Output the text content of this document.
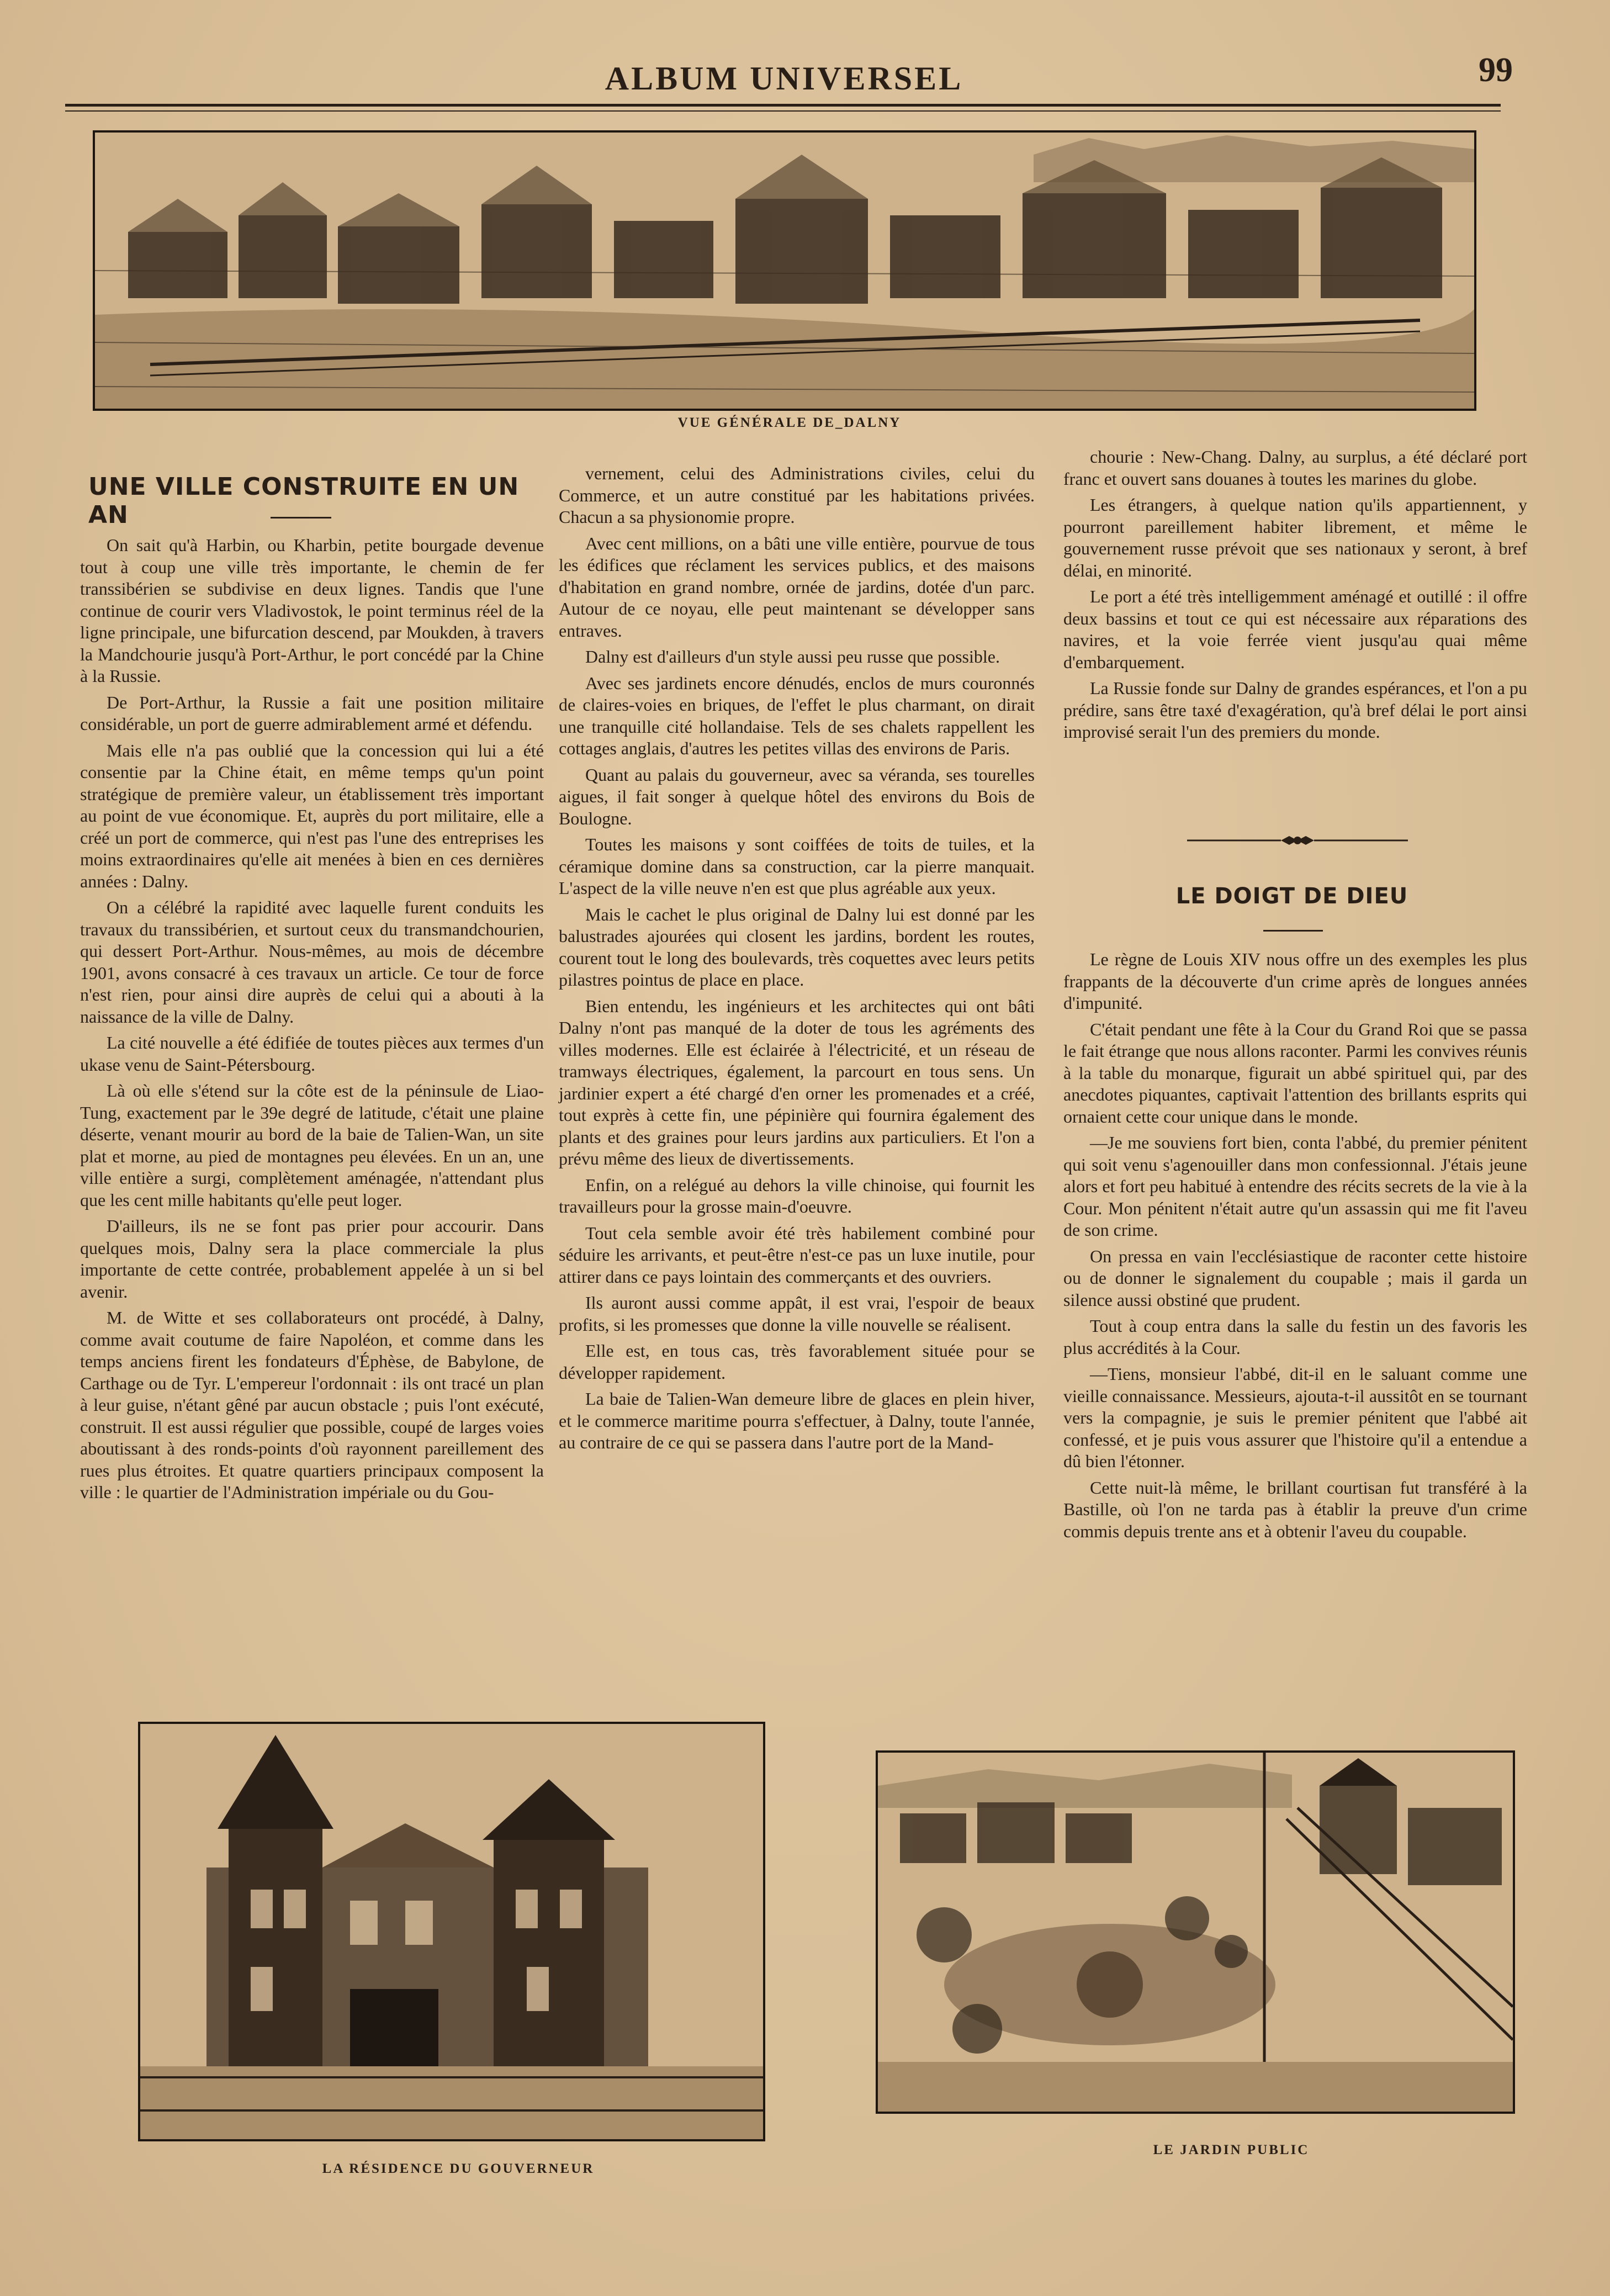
ALBUM UNIVERSEL	99
VUE GÉNÉRALE DE_DALNY
UNE VILLE CONSTRUITE EN UN AN

On sait qu'à Harbin, ou Kharbin, petite bourgade devenue tout à coup une ville très importante, le chemin de fer transsibérien se subdivise en deux lignes. Tandis que l'une continue de courir vers Vladivostok, le point terminus réel de la ligne principale, une bifurcation descend, par Moukden, à travers la Mandchourie jusqu'à Port-Arthur, le port concédé par la Chine à la Russie.

De Port-Arthur, la Russie a fait une position militaire considérable, un port de guerre admirablement armé et défendu.

Mais elle n'a pas oublié que la concession qui lui a été consentie par la Chine était, en même temps qu'un point stratégique de première valeur, un établissement très important au point de vue économique. Et, auprès du port militaire, elle a créé un port de commerce, qui n'est pas l'une des entreprises les moins extraordinaires qu'elle ait menées à bien en ces dernières années : Dalny.

On a célébré la rapidité avec laquelle furent conduits les travaux du transsibérien, et surtout ceux du transmandchourien, qui dessert Port-Arthur. Nous-mêmes, au mois de décembre 1901, avons consacré à ces travaux un article. Ce tour de force n'est rien, pour ainsi dire auprès de celui qui a abouti à la naissance de la ville de Dalny.

La cité nouvelle a été édifiée de toutes pièces aux termes d'un ukase venu de Saint-Pétersbourg.

Là où elle s'étend sur la côte est de la péninsule de Liao-Tung, exactement par le 39e degré de latitude, c'était une plaine déserte, venant mourir au bord de la baie de Talien-Wan, un site plat et morne, au pied de montagnes peu élevées. En un an, une ville entière a surgi, complètement aménagée, n'attendant plus que les cent mille habitants qu'elle peut loger.

D'ailleurs, ils ne se font pas prier pour accourir. Dans quelques mois, Dalny sera la place commerciale la plus importante de cette contrée, probablement appelée à un si bel avenir.

M. de Witte et ses collaborateurs ont procédé, à Dalny, comme avait coutume de faire Napoléon, et comme dans les temps anciens firent les fondateurs d'Éphèse, de Babylone, de Carthage ou de Tyr. L'empereur l'ordonnait : ils ont tracé un plan à leur guise, n'étant gêné par aucun obstacle ; puis l'ont exécuté, construit. Il est aussi régulier que possible, coupé de larges voies aboutissant à des ronds-points d'où rayonnent pareillement des rues plus étroites. Et quatre quartiers principaux composent la ville : le quartier de l'Administration impériale ou du Gou-

vernement, celui des Administrations civiles, celui du Commerce, et un autre constitué par les habitations privées. Chacun a sa physionomie propre.

Avec cent millions, on a bâti une ville entière, pourvue de tous les édifices que réclament les services publics, et des maisons d'habitation en grand nombre, ornée de jardins, dotée d'un parc. Autour de ce noyau, elle peut maintenant se développer sans entraves.

Dalny est d'ailleurs d'un style aussi peu russe que possible.

Avec ses jardinets encore dénudés, enclos de murs couronnés de claires-voies en briques, de l'effet le plus charmant, on dirait une tranquille cité hollandaise. Tels de ses chalets rappellent les cottages anglais, d'autres les petites villas des environs de Paris.

Quant au palais du gouverneur, avec sa véranda, ses tourelles aigues, il fait songer à quelque hôtel des environs du Bois de Boulogne.

Toutes les maisons y sont coiffées de toits de tuiles, et la céramique domine dans sa construction, car la pierre manquait. L'aspect de la ville neuve n'en est que plus agréable aux yeux.

Mais le cachet le plus original de Dalny lui est donné par les balustrades ajourées qui closent les jardins, bordent les routes, courent tout le long des boulevards, très coquettes avec leurs petits pilastres pointus de place en place.

Bien entendu, les ingénieurs et les architectes qui ont bâti Dalny n'ont pas manqué de la doter de tous les agréments des villes modernes. Elle est éclairée à l'électricité, et un réseau de tramways électriques, également, la parcourt en tous sens. Un jardinier expert a été chargé d'en orner les promenades et a créé, tout exprès à cette fin, une pépinière qui fournira également des plants et des graines pour leurs jardins aux particuliers. Et l'on a prévu même des lieux de divertissements.

Enfin, on a relégué au dehors la ville chinoise, qui fournit les travailleurs pour la grosse main-d'oeuvre.

Tout cela semble avoir été très habilement combiné pour séduire les arrivants, et peut-être n'est-ce pas un luxe inutile, pour attirer dans ce pays lointain des commerçants et des ouvriers.

Ils auront aussi comme appât, il est vrai, l'espoir de beaux profits, si les promesses que donne la ville nouvelle se réalisent.

Elle est, en tous cas, très favorablement située pour se développer rapidement.

La baie de Talien-Wan demeure libre de glaces en plein hiver, et le commerce maritime pourra s'effectuer, à Dalny, toute l'année, au contraire de ce qui se passera dans l'autre port de la Mand-

chourie : New-Chang. Dalny, au surplus, a été déclaré port franc et ouvert sans douanes à toutes les marines du globe.

Les étrangers, à quelque nation qu'ils appartiennent, y pourront pareillement habiter librement, et même le gouvernement russe prévoit que ses nationaux y seront, à bref délai, en minorité.

Le port a été très intelligemment aménagé et outillé : il offre deux bassins et tout ce qui est nécessaire aux réparations des navires, et la voie ferrée vient jusqu'au quai même d'embarquement.

La Russie fonde sur Dalny de grandes espérances, et l'on a pu prédire, sans être taxé d'exagération, qu'à bref délai le port ainsi improvisé serait l'un des premiers du monde.

LE DOIGT DE DIEU

Le règne de Louis XIV nous offre un des exemples les plus frappants de la découverte d'un crime après de longues années d'impunité.

C'était pendant une fête à la Cour du Grand Roi que se passa le fait étrange que nous allons raconter. Parmi les convives réunis à la table du monarque, figurait un abbé spirituel qui, par des anecdotes piquantes, captivait l'attention des brillants esprits qui ornaient cette cour unique dans le monde.

—Je me souviens fort bien, conta l'abbé, du premier pénitent qui soit venu s'agenouiller dans mon confessionnal. J'étais jeune alors et fort peu habitué à entendre des récits secrets de la vie à la Cour. Mon pénitent n'était autre qu'un assassin qui me fit l'aveu de son crime.

On pressa en vain l'ecclésiastique de raconter cette histoire ou de donner le signalement du coupable ; mais il garda un silence aussi obstiné que prudent.

Tout à coup entra dans la salle du festin un des favoris les plus accrédités à la Cour.

—Tiens, monsieur l'abbé, dit-il en le saluant comme une vieille connaissance. Messieurs, ajouta-t-il aussitôt en se tournant vers la compagnie, je suis le premier pénitent que l'abbé ait confessé, et je puis vous assurer que l'histoire qu'il a entendue a dû bien l'étonner.

Cette nuit-là même, le brillant courtisan fut transféré à la Bastille, où l'on ne tarda pas à établir la preuve d'un crime commis depuis trente ans et à obtenir l'aveu du coupable.

LA RÉSIDENCE DU GOUVERNEUR
LE JARDIN PUBLIC
